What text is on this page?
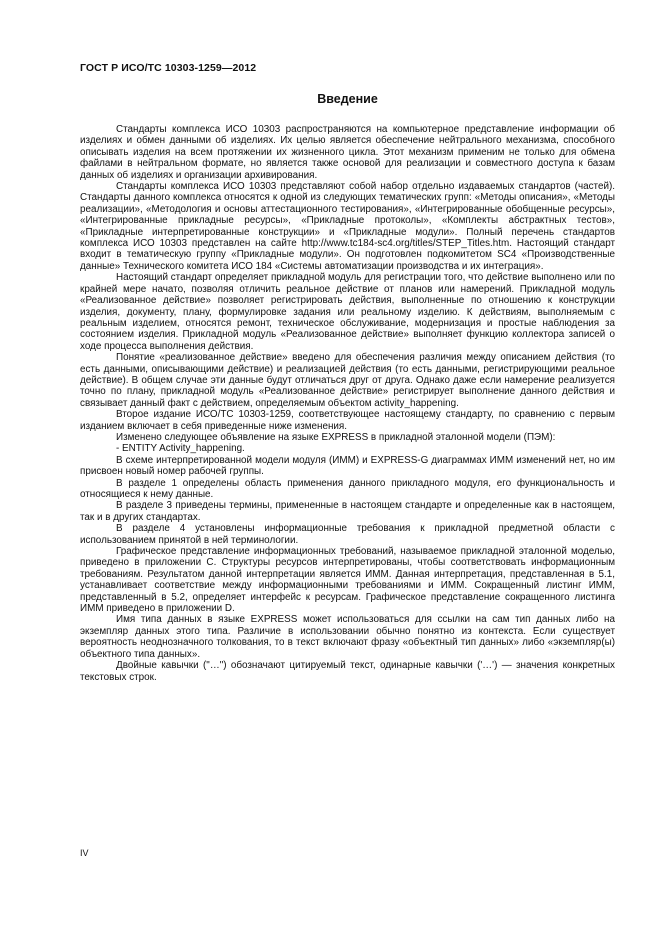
ГОСТ Р ИСО/ТС 10303-1259—2012
Введение

Стандарты комплекса ИСО 10303 распространяются на компьютерное представление информации об изделиях и обмен данными об изделиях. Их целью является обеспечение нейтрального механизма, способного описывать изделия на всем протяжении их жизненного цикла. Этот механизм применим не только для обмена файлами в нейтральном формате, но является также основой для реализации и совместного доступа к базам данных об изделиях и организации архивирования.

Стандарты комплекса ИСО 10303 представляют собой набор отдельно издаваемых стандартов (частей). Стандарты данного комплекса относятся к одной из следующих тематических групп: «Методы описания», «Методы реализации», «Методология и основы аттестационного тестирования», «Интегрированные обобщенные ресурсы», «Интегрированные прикладные ресурсы», «Прикладные протоколы», «Комплекты абстрактных тестов», «Прикладные интерпретированные конструкции» и «Прикладные модули». Полный перечень стандартов комплекса ИСО 10303 представлен на сайте http://www.tc184-sc4.org/titles/STEP_Titles.htm. Настоящий стандарт входит в тематическую группу «Прикладные модули». Он подготовлен подкомитетом SC4 «Производственные данные» Технического комитета ИСО 184 «Системы автоматизации производства и их интеграция».

Настоящий стандарт определяет прикладной модуль для регистрации того, что действие выполнено или по крайней мере начато, позволяя отличить реальное действие от планов или намерений. Прикладной модуль «Реализованное действие» позволяет регистрировать действия, выполненные по отношению к конструкции изделия, документу, плану, формулировке задания или реальному изделию. К действиям, выполняемым с реальным изделием, относятся ремонт, техническое обслуживание, модернизация и простые наблюдения за состоянием изделия. Прикладной модуль «Реализованное действие» выполняет функцию коллектора записей о ходе процесса выполнения действия.

Понятие «реализованное действие» введено для обеспечения различия между описанием действия (то есть данными, описывающими действие) и реализацией действия (то есть данными, регистрирующими реальное действие). В общем случае эти данные будут отличаться друг от друга. Однако даже если намерение реализуется точно по плану, прикладной модуль «Реализованное действие» регистрирует выполнение данного действия и связывает данный факт с действием, определяемым объектом activity_happening.

Второе издание ИСО/ТС 10303-1259, соответствующее настоящему стандарту, по сравнению с первым изданием включает в себя приведенные ниже изменения.

Изменено следующее объявление на языке EXPRESS в прикладной эталонной модели (ПЭМ):

- ENTITY Activity_happening.

В схеме интерпретированной модели модуля (ИММ) и EXPRESS-G диаграммах ИММ изменений нет, но им присвоен новый номер рабочей группы.

В разделе 1 определены область применения данного прикладного модуля, его функциональность и относящиеся к нему данные.

В разделе 3 приведены термины, примененные в настоящем стандарте и определенные как в настоящем, так и в других стандартах.

В разделе 4 установлены информационные требования к прикладной предметной области с использованием принятой в ней терминологии.

Графическое представление информационных требований, называемое прикладной эталонной моделью, приведено в приложении С. Структуры ресурсов интерпретированы, чтобы соответствовать информационным требованиям. Результатом данной интерпретации является ИММ. Данная интерпретация, представленная в 5.1, устанавливает соответствие между информационными требованиями и ИММ. Сокращенный листинг ИММ, представленный в 5.2, определяет интерфейс к ресурсам. Графическое представление сокращенного листинга ИММ приведено в приложении D.

Имя типа данных в языке EXPRESS может использоваться для ссылки на сам тип данных либо на экземпляр данных этого типа. Различие в использовании обычно понятно из контекста. Если существует вероятность неоднозначного толкования, то в текст включают фразу «объектный тип данных» либо «экземпляр(ы) объектного типа данных».

Двойные кавычки ("…") обозначают цитируемый текст, одинарные кавычки ('…') — значения конкретных текстовых строк.

IV
